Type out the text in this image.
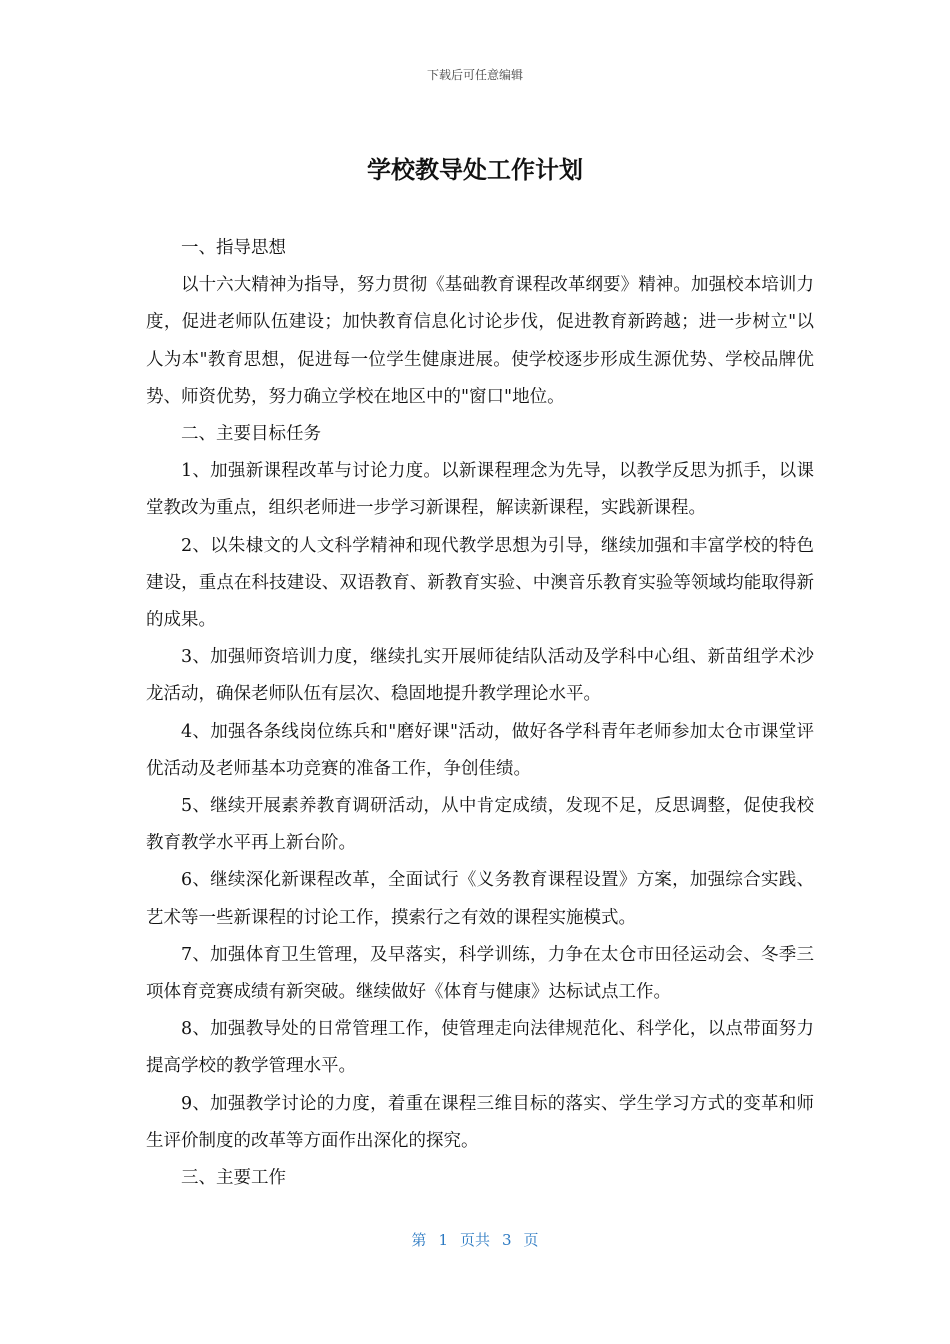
下载后可任意编辑
学校教导处工作计划

一、指导思想

以十六大精神为指导，努力贯彻《基础教育课程改革纲要》精神。加强校本培训力度，促进老师队伍建设；加快教育信息化讨论步伐，促进教育新跨越；进一步树立"以人为本"教育思想，促进每一位学生健康进展。使学校逐步形成生源优势、学校品牌优势、师资优势，努力确立学校在地区中的"窗口"地位。

二、主要目标任务

1、加强新课程改革与讨论力度。以新课程理念为先导，以教学反思为抓手，以课堂教改为重点，组织老师进一步学习新课程，解读新课程，实践新课程。

2、以朱棣文的人文科学精神和现代教学思想为引导，继续加强和丰富学校的特色建设，重点在科技建设、双语教育、新教育实验、中澳音乐教育实验等领域均能取得新的成果。

3、加强师资培训力度，继续扎实开展师徒结队活动及学科中心组、新苗组学术沙龙活动，确保老师队伍有层次、稳固地提升教学理论水平。

4、加强各条线岗位练兵和"磨好课"活动，做好各学科青年老师参加太仓市课堂评优活动及老师基本功竞赛的准备工作，争创佳绩。

5、继续开展素养教育调研活动，从中肯定成绩，发现不足，反思调整，促使我校教育教学水平再上新台阶。

6、继续深化新课程改革，全面试行《义务教育课程设置》方案，加强综合实践、艺术等一些新课程的讨论工作，摸索行之有效的课程实施模式。

7、加强体育卫生管理，及早落实，科学训练，力争在太仓市田径运动会、冬季三项体育竞赛成绩有新突破。继续做好《体育与健康》达标试点工作。

8、加强教导处的日常管理工作，使管理走向法律规范化、科学化，以点带面努力提高学校的教学管理水平。

9、加强教学讨论的力度，着重在课程三维目标的落实、学生学习方式的变革和师生评价制度的改革等方面作出深化的探究。

三、主要工作

第 1 页共 3 页
